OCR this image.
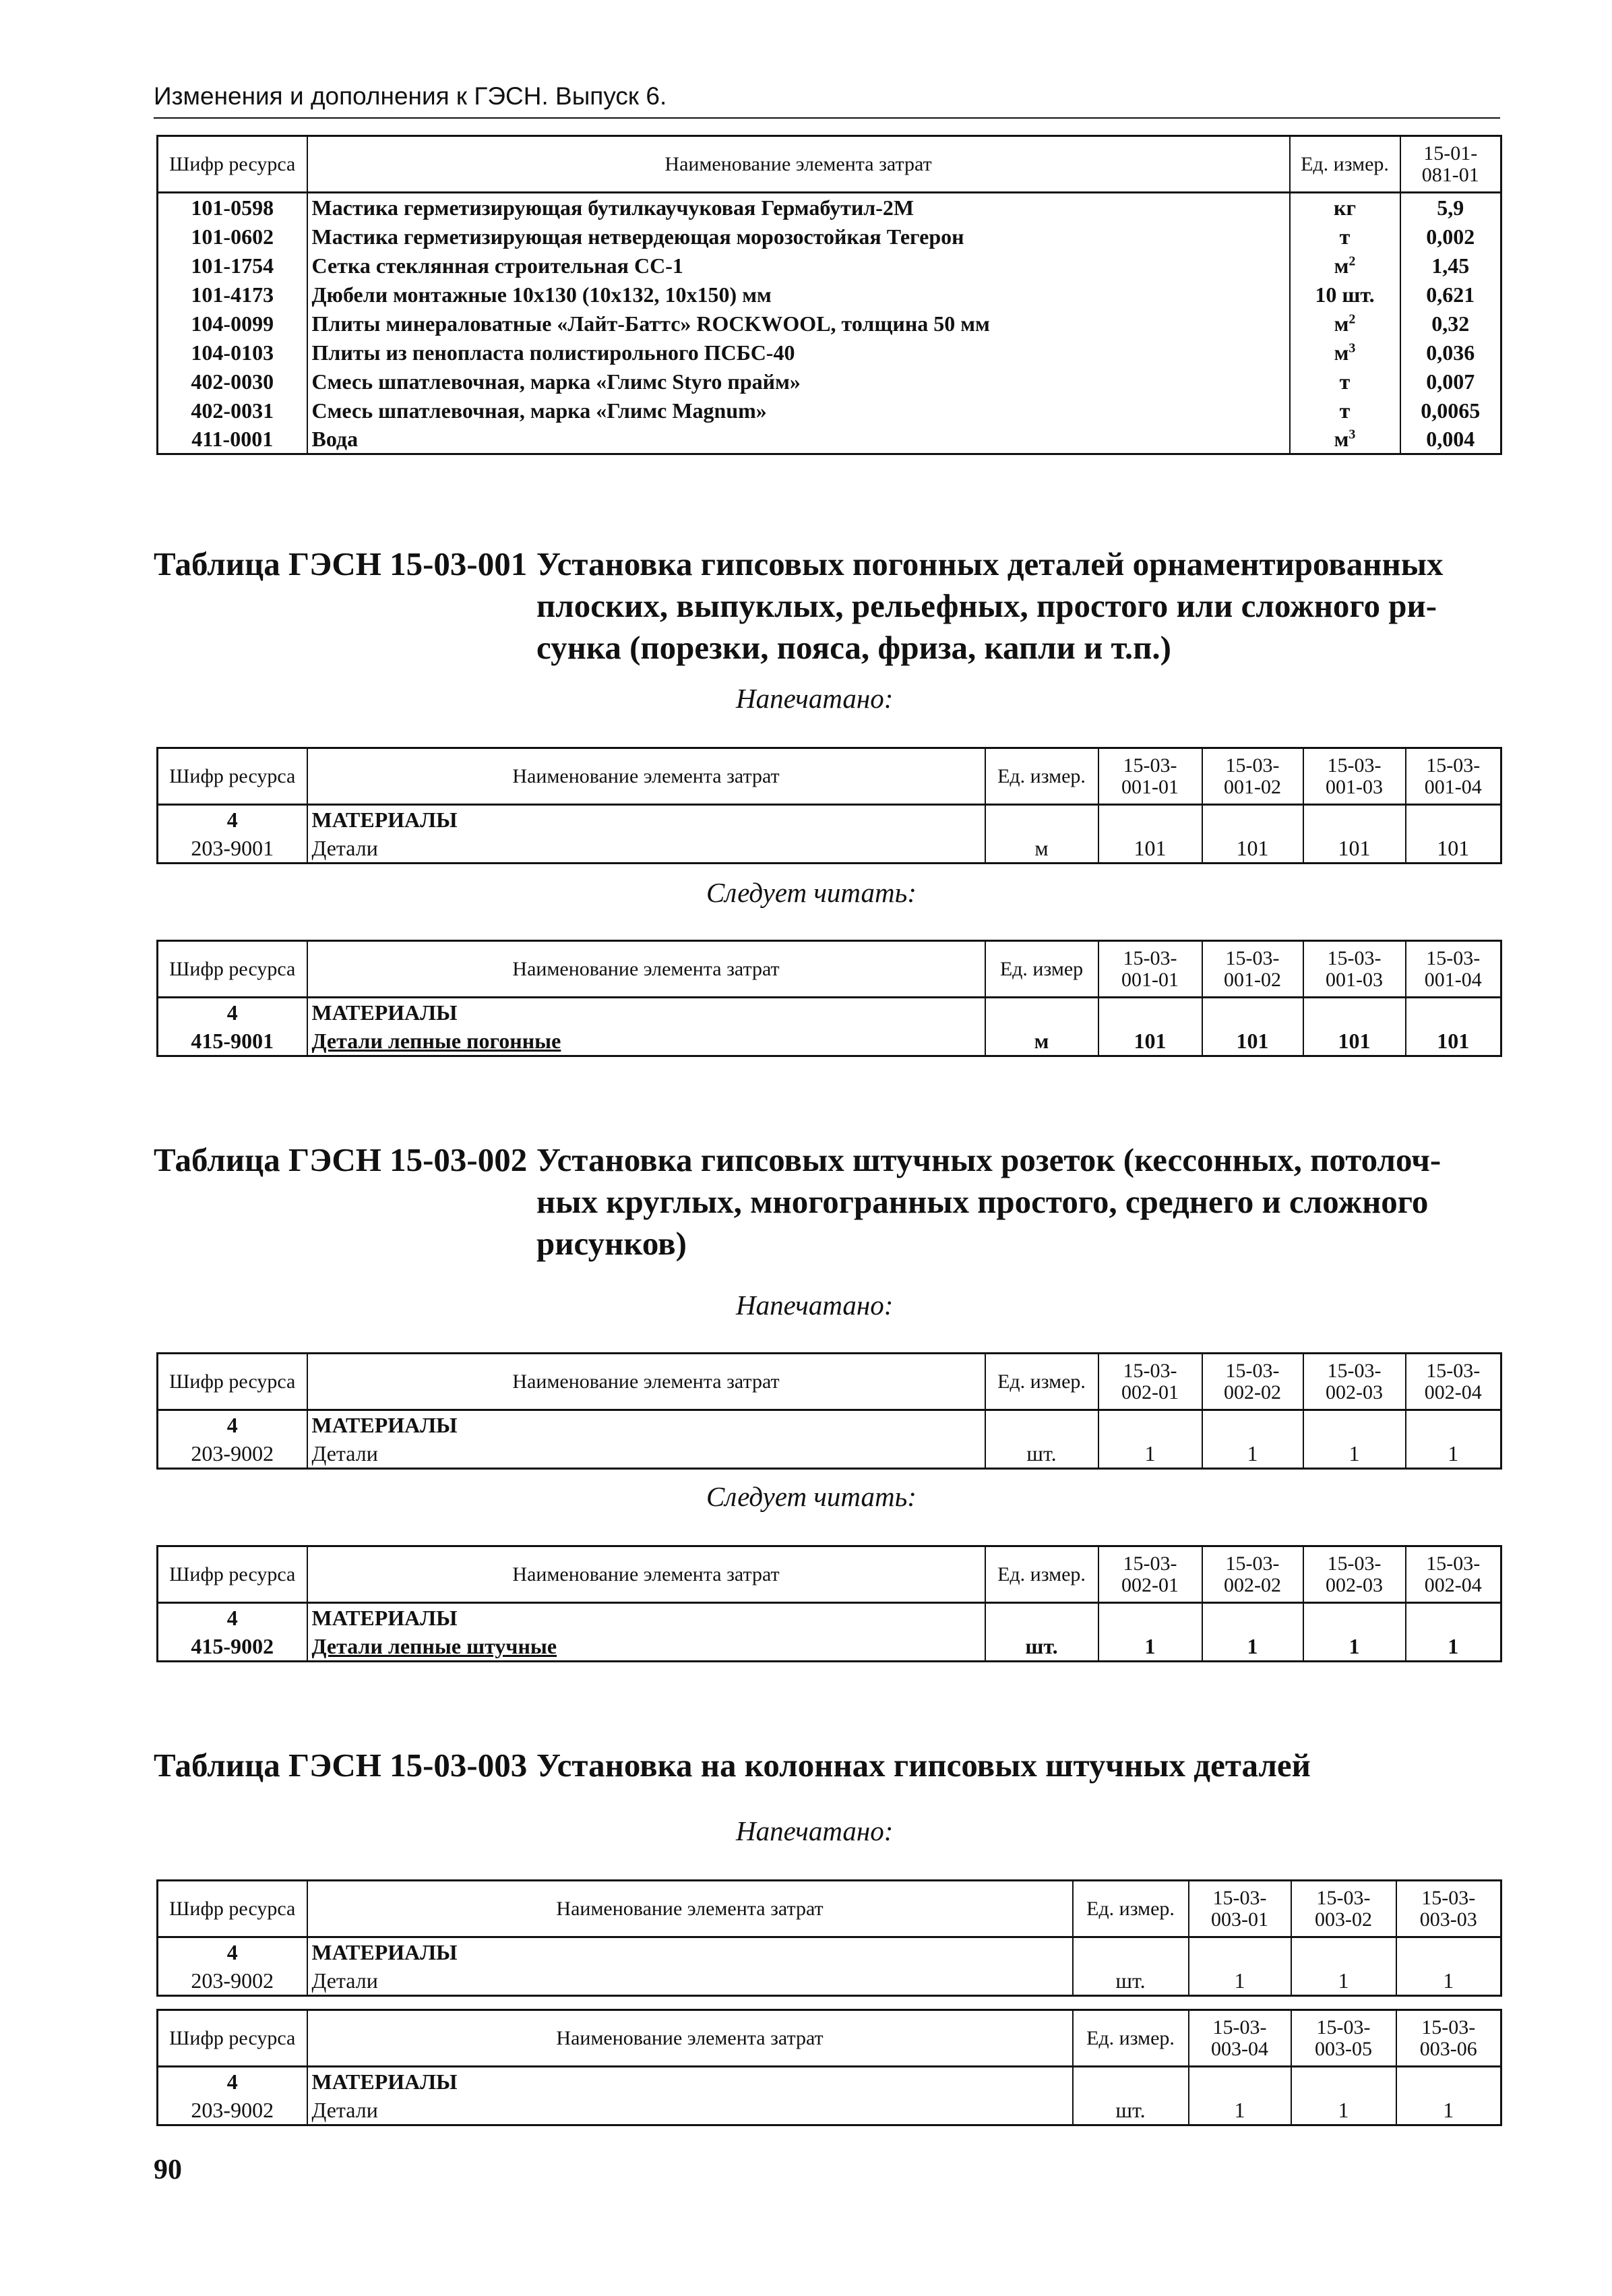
Изменения и дополнения к ГЭСН. Выпуск 6.
Шифр ресурса	Наименование элемента затрат	Ед. измер.	15-01-
081-01
101-0598	Мастика герметизирующая бутилкаучуковая Гермабутил-2М	кг	5,9
101-0602	Мастика герметизирующая нетвердеющая морозостойкая Тегерон	т	0,002
101-1754	Сетка стеклянная строительная СС-1	$м^2$	1,45
101-4173	Дюбели монтажные 10х130 (10х132, 10х150) мм	10 шт.	0,621
104-0099	Плиты минераловатные «Лайт-Баттс» ROCKWOOL, толщина 50 мм	$м^2$	0,32
104-0103	Плиты из пенопласта полистирольного ПСБС-40	$м^3$	0,036
402-0030	Смесь шпатлевочная, марка «Глимс Styro прайм»	т	0,007
402-0031	Смесь шпатлевочная, марка «Глимс Magnum»	т	0,0065
411-0001	Вода	$м^3$	0,004
Таблица ГЭСН 15-03-001 Установка гипсовых погонных деталей орнаментированных
плоских, выпуклых, рельефных, простого или сложного ри-
сунка (порезки, пояса, фриза, капли и т.п.)
Напечатано:
Шифр ресурса	Наименование элемента затрат	Ед. измер.	15-03-
001-01	15-03-
001-02	15-03-
001-03	15-03-
001-04
4	МАТЕРИАЛЫ					
203-9001	Детали	м	101	101	101	101
Следует читать:
Шифр ресурса	Наименование элемента затрат	Ед. измер	15-03-
001-01	15-03-
001-02	15-03-
001-03	15-03-
001-04
4	МАТЕРИАЛЫ					
415-9001	Детали лепные погонные	м	101	101	101	101
Таблица ГЭСН 15-03-002 Установка гипсовых штучных розеток (кессонных, потолоч-
ных круглых, многогранных простого, среднего и сложного
рисунков)
Напечатано:
Шифр ресурса	Наименование элемента затрат	Ед. измер.	15-03-
002-01	15-03-
002-02	15-03-
002-03	15-03-
002-04
4	МАТЕРИАЛЫ					
203-9002	Детали	шт.	1	1	1	1
Следует читать:
Шифр ресурса	Наименование элемента затрат	Ед. измер.	15-03-
002-01	15-03-
002-02	15-03-
002-03	15-03-
002-04
4	МАТЕРИАЛЫ					
415-9002	Детали лепные штучные	шт.	1	1	1	1
Таблица ГЭСН 15-03-003 Установка на колоннах гипсовых штучных деталей
Напечатано:
Шифр ресурса	Наименование элемента затрат	Ед. измер.	15-03-
003-01	15-03-
003-02	15-03-
003-03
4	МАТЕРИАЛЫ				
203-9002	Детали	шт.	1	1	1
Шифр ресурса	Наименование элемента затрат	Ед. измер.	15-03-
003-04	15-03-
003-05	15-03-
003-06
4	МАТЕРИАЛЫ				
203-9002	Детали	шт.	1	1	1
90
